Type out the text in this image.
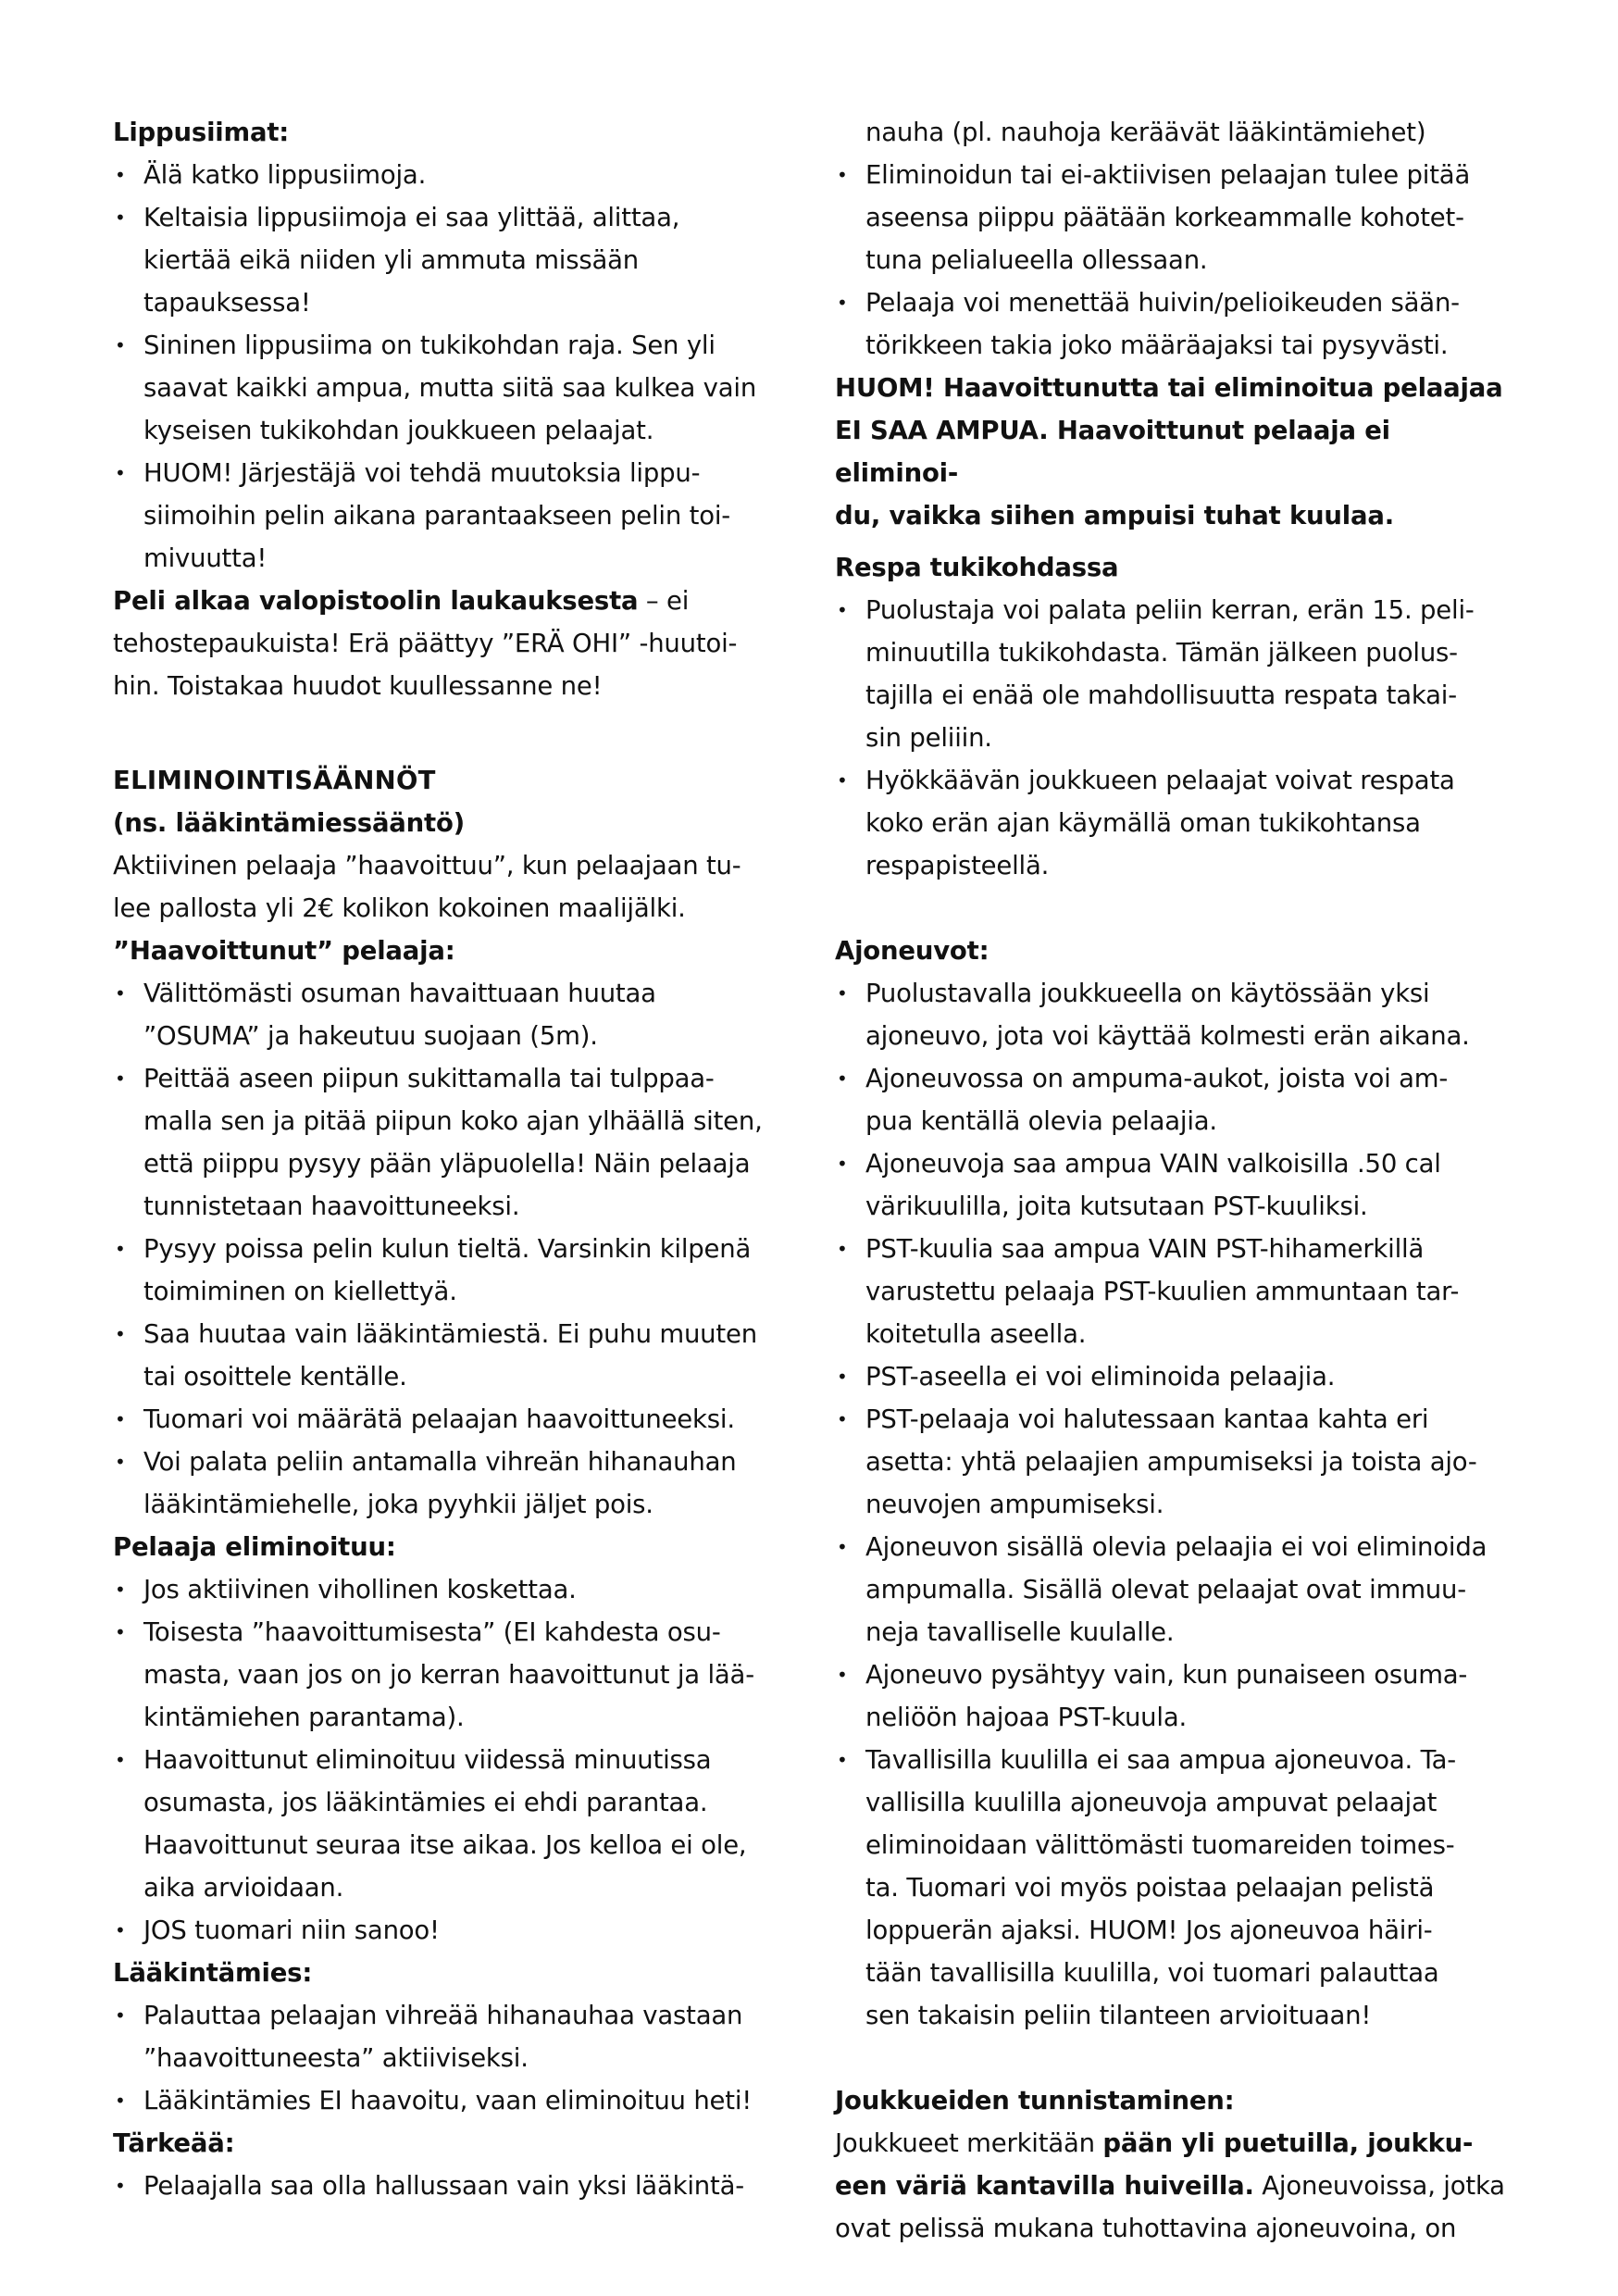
Lippusiimat:
• Älä katko lippusiimoja.
• Keltaisia lippusiimoja ei saa ylittää, alittaa,
kiertää eikä niiden yli ammuta missään
tapauksessa!
• Sininen lippusiima on tukikohdan raja. Sen yli
saavat kaikki ampua, mutta siitä saa kulkea vain
kyseisen tukikohdan joukkueen pelaajat.
• HUOM! Järjestäjä voi tehdä muutoksia lippu-
siimoihin pelin aikana parantaakseen pelin toi-
mivuutta!

Peli alkaa valopistoolin laukauksesta – ei

tehostepaukuista! Erä päättyy ”ERÄ OHI” -huutoi-
hin. Toistakaa huudot kuullessanne ne!
ELIMINOINTISÄÄNNÖT
(ns. lääkintämiessääntö)
Aktiivinen pelaaja ”haavoittuu”, kun pelaajaan tu-
lee pallosta yli 2€ kolikon kokoinen maalijälki.
”Haavoittunut” pelaaja:
• Välittömästi osuman havaittuaan huutaa
”OSUMA” ja hakeutuu suojaan (5m).
• Peittää aseen piipun sukittamalla tai tulppaa-
malla sen ja pitää piipun koko ajan ylhäällä siten,
että piippu pysyy pään yläpuolella! Näin pelaaja
tunnistetaan haavoittuneeksi.
• Pysyy poissa pelin kulun tieltä. Varsinkin kilpenä
toimiminen on kiellettyä.
• Saa huutaa vain lääkintämiestä. Ei puhu muuten
tai osoittele kentälle.
• Tuomari voi määrätä pelaajan haavoittuneeksi.
• Voi palata peliin antamalla vihreän hihanauhan
lääkintämiehelle, joka pyyhkii jäljet pois.
Pelaaja eliminoituu:
• Jos aktiivinen vihollinen koskettaa.
• Toisesta ”haavoittumisesta” (EI kahdesta osu-
masta, vaan jos on jo kerran haavoittunut ja lää-
kintämiehen parantama).
• Haavoittunut eliminoituu viidessä minuutissa
osumasta, jos lääkintämies ei ehdi parantaa.
Haavoittunut seuraa itse aikaa. Jos kelloa ei ole,
aika arvioidaan.
• JOS tuomari niin sanoo!
Lääkintämies:
• Palauttaa pelaajan vihreää hihanauhaa vastaan
”haavoittuneesta” aktiiviseksi.
• Lääkintämies EI haavoitu, vaan eliminoituu heti!
Tärkeää:
• Pelaajalla saa olla hallussaan vain yksi lääkintä-
nauha (pl. nauhoja keräävät lääkintämiehet)
• Eliminoidun tai ei-aktiivisen pelaajan tulee pitää
aseensa piippu päätään korkeammalle kohotet-
tuna pelialueella ollessaan.
• Pelaaja voi menettää huivin/pelioikeuden sään-
törikkeen takia joko määräajaksi tai pysyvästi.
HUOM! Haavoittunutta tai eliminoitua pelaajaa
EI SAA AMPUA. Haavoittunut pelaaja ei eliminoi-
du, vaikka siihen ampuisi tuhat kuulaa.
Respa tukikohdassa
• Puolustaja voi palata peliin kerran, erän 15. peli-
minuutilla tukikohdasta. Tämän jälkeen puolus-
tajilla ei enää ole mahdollisuutta respata takai-
sin peliiin.
• Hyökkäävän joukkueen pelaajat voivat respata
koko erän ajan käymällä oman tukikohtansa
respapisteellä.
Ajoneuvot:
• Puolustavalla joukkueella on käytössään yksi
ajoneuvo, jota voi käyttää kolmesti erän aikana.
• Ajoneuvossa on ampuma-aukot, joista voi am-
pua kentällä olevia pelaajia.
• Ajoneuvoja saa ampua VAIN valkoisilla .50 cal
värikuulilla, joita kutsutaan PST-kuuliksi.
• PST-kuulia saa ampua VAIN PST-hihamerkillä
varustettu pelaaja PST-kuulien ammuntaan tar-
koitetulla aseella.
• PST-aseella ei voi eliminoida pelaajia.
• PST-pelaaja voi halutessaan kantaa kahta eri
asetta: yhtä pelaajien ampumiseksi ja toista ajo-
neuvojen ampumiseksi.
• Ajoneuvon sisällä olevia pelaajia ei voi eliminoida
ampumalla. Sisällä olevat pelaajat ovat immuu-
neja tavalliselle kuulalle.
• Ajoneuvo pysähtyy vain, kun punaiseen osuma-
neliöön hajoaa PST-kuula.
• Tavallisilla kuulilla ei saa ampua ajoneuvoa. Ta-
vallisilla kuulilla ajoneuvoja ampuvat pelaajat
eliminoidaan välittömästi tuomareiden toimes-
ta. Tuomari voi myös poistaa pelaajan pelistä
loppuerän ajaksi. HUOM! Jos ajoneuvoa häiri-
tään tavallisilla kuulilla, voi tuomari palauttaa
sen takaisin peliin tilanteen arvioituaan!
Joukkueiden tunnistaminen:

Joukkueet merkitään pään yli puetuilla, joukku-
een väriä kantavilla huiveilla. Ajoneuvoissa, jotka
ovat pelissä mukana tuhottavina ajoneuvoina, on
